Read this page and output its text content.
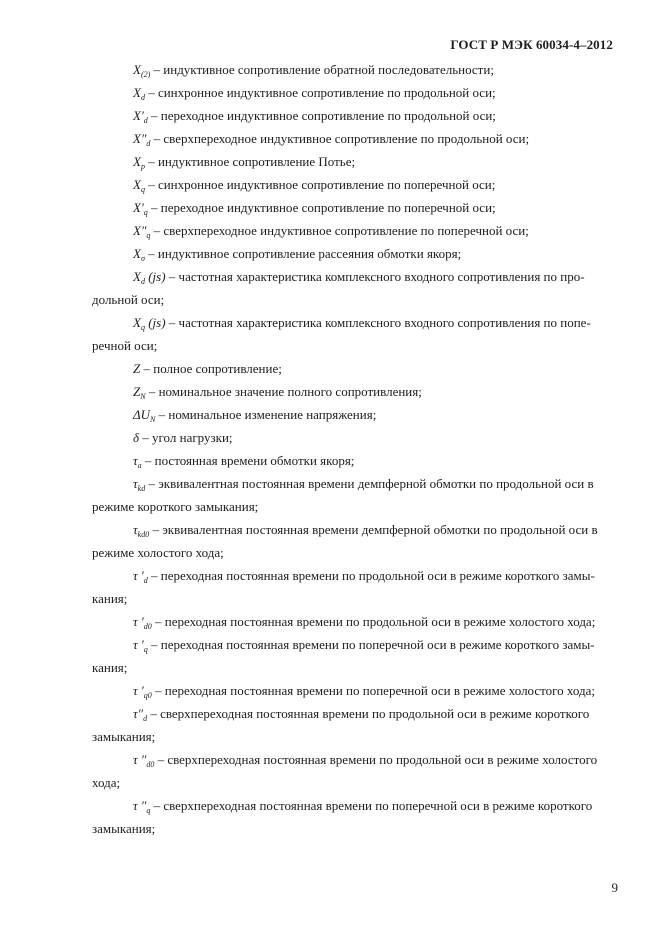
ГОСТ Р МЭК 60034-4–2012
$X_{(2)}$ – индуктивное сопротивление обратной последовательности;
$X_d$ – синхронное индуктивное сопротивление по продольной оси;
$X'_d$ – переходное индуктивное сопротивление по продольной оси;
$X''_d$ – сверхпереходное индуктивное сопротивление по продольной оси;
$X_p$ – индуктивное сопротивление Потье;
$X_q$ – синхронное индуктивное сопротивление по поперечной оси;
$X'_q$ – переходное индуктивное сопротивление по поперечной оси;
$X''_q$ – сверхпереходное индуктивное сопротивление по поперечной оси;
$X_\sigma$ – индуктивное сопротивление рассеяния обмотки якоря;
$X_d$ (js) – частотная характеристика комплексного входного сопротивления по про-
дольной оси;
$X_q$ (js) – частотная характеристика комплексного входного сопротивления по попе-
речной оси;
Z – полное сопротивление;
$Z_N$ – номинальное значение полного сопротивления;
$\Delta U_N$ – номинальное изменение напряжения;
δ – угол нагрузки;
$\tau_a$ – постоянная времени обмотки якоря;
$\tau_{kd}$ – эквивалентная постоянная времени демпферной обмотки по продольной оси в
режиме короткого замыкания;
$\tau_{kd0}$ – эквивалентная постоянная времени демпферной обмотки по продольной оси в
режиме холостого хода;
τ $'_d$ – переходная постоянная времени по продольной оси в режиме короткого замы-
кания;
τ $'_{d0}$ – переходная постоянная времени по продольной оси в режиме холостого хода;
τ $'_q$ – переходная постоянная времени по поперечной оси в режиме короткого замы-
кания;
τ $'_{q0}$ – переходная постоянная времени по поперечной оси в режиме холостого хода;
$\tau''_d$ – сверхпереходная постоянная времени по продольной оси в режиме короткого
замыкания;
τ $''_{d0}$ – сверхпереходная постоянная времени по продольной оси в режиме холостого
хода;
τ $''_q$ – сверхпереходная постоянная времени по поперечной оси в режиме короткого
замыкания;
9
